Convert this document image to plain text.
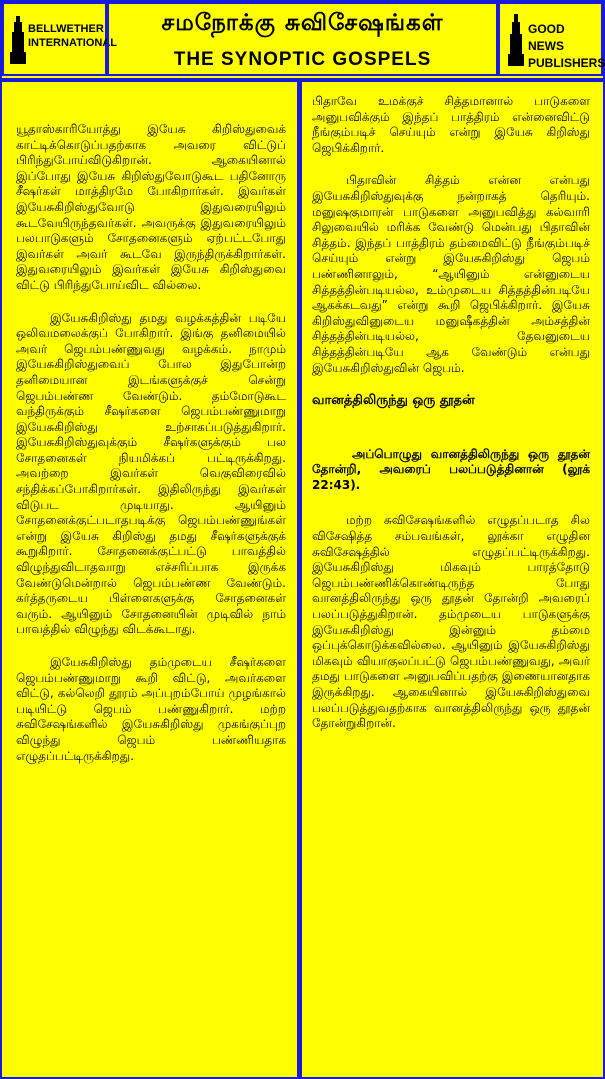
BELLWETHER INTERNATIONAL
சமநோக்கு சுவிசேஷங்கள்
THE SYNOPTIC GOSPELS
GOOD NEWS PUBLISHERS

யூதாஸ்காரியோத்து இயேசு கிறிஸ்துவைக் காட்டிக்கொடுப்பதற்காக அவரை விட்டுப் பிரிந்துபோய்விடுகிறான். ஆகையினால் இப்போது இயேசு கிறிஸ்துவோடுகூட பதினோரு சீஷர்கள் மாத்திரமே போகிறார்கள். இவர்கள் இயேசுகிறிஸ்துவோடு இதுவரையிலும் கூடவேயிருந்தவர்கள். அவருக்கு இதுவரையிலும் பலபாடுகளும் சோதனைகளும் ஏற்பட்டபோது இவர்கள் அவர் கூடவே இருந்திருக்கிறார்கள். இதுவரையிலும் இவர்கள் இயேசு கிறிஸ்துவை விட்டு பிரிந்துபோய்விட வில்லை.

இயேசுகிறிஸ்து தமது வழக்கத்தின் படியே ஒலிவமலைக்குப் போகிறார். இங்கு தனிமையில் அவர் ஜெபம்பண்ணுவது வழக்கம். நாமும் இயேசுகிறிஸ்துவைப் போல இதுபோன்ற தனிமையான இடங்களுக்குச் சென்று ஜெபம்பண்ண வேண்டும். தம்மோடுகூட வந்திருக்கும் சீஷர்களை ஜெபம்பண்ணுமாறு இயேசுகிறிஸ்து உற்சாகப்படுத்துகிறார். இயேசுகிறிஸ்துவுக்கும் சீஷர்களுக்கும் பல சோதனைகள் நியமிக்கப் பட்டிருக்கிறது. அவற்றை இவர்கள் வெகுவிரைவில் சந்திக்கப்போகிறார்கள். இதிலிருந்து இவர்கள் விடுபட முடியாது. ஆயினும் சோதனைக்குட்படாதபடிக்கு ஜெபம்பண்ணுங்கள் என்று இயேசு கிறிஸ்து தமது சீஷர்களுக்குக் கூறுகிறார். சோதனைக்குட்பட்டு பாவத்தில் விழுந்துவிடாதவாறு எச்சரிப்பாக இருக்க வேண்டுமென்றால் ஜெபம்பண்ண வேண்டும். கர்த்தருடைய பிள்ளைகளுக்கு சோதனைகள் வரும். ஆயினும் சோதனையின் முடிவில் நாம் பாவத்தில் விழுந்து விடக்கூடாது.

இயேசுகிறிஸ்து தம்முடைய சீஷர்களை ஜெபம்பண்ணுமாறு கூறி விட்டு, அவர்களை விட்டு, கல்லெறி தூரம் அப்புறம்போய் முழங்கால் படியிட்டு ஜெபம் பண்ணுகிறார். மற்ற சுவிசேஷங்களில் இயேசுகிறிஸ்து முகங்குப்புற விழுந்து ஜெபம் பண்ணியதாக எழுதப்பட்டிருக்கிறது.

பிதாவே உமக்குச் சித்தமானால் பாடுகளை அனுபவிக்கும் இந்தப் பாத்திரம் என்னைவிட்டு நீங்கும்படிச் செய்யும் என்று இயேசு கிறிஸ்து ஜெபிக்கிறார்.

பிதாவின் சித்தம் என்ன என்பது இயேசுகிறிஸ்துவுக்கு நன்றாகத் தெரியும். மனுஷகுமாரன் பாடுகளை அனுபவித்து கல்வாரி சிலுவையில் மரிக்க வேண்டு மென்பது பிதாவின் சித்தம். இந்தப் பாத்திரம் தம்மைவிட்டு நீங்கும்படிச் செய்யும் என்று இயேசுகிறிஸ்து ஜெபம் பண்ணினாலும், “ஆயினும் என்னுடைய சித்தத்தின்படியல்ல, உம்முடைய சித்தத்தின்படியே ஆகக்கடவது” என்று கூறி ஜெபிக்கிறார். இயேசு கிறிஸ்துவினுடைய மனுஷீகத்தின் அம்சத்தின் சித்தத்தின்படியல்ல, தேவனுடைய சித்தத்தின்படியே ஆக வேண்டும் என்பது இயேசுகிறிஸ்துவின் ஜெபம்.

வானத்திலிருந்து ஒரு தூதன்

அப்பொழுது வானத்திலிருந்து ஒரு தூதன் தோன்றி, அவரைப் பலப்படுத்தினான் (லூக் 22:43).

மற்ற சுவிசேஷங்களில் எழுதப்படாத சில விசேஷித்த சம்பவங்கள், லூக்கா எழுதின சுவிசேஷத்தில் எழுதப்பட்டிருக்கிறது. இயேசுகிறிஸ்து மிகவும் பாரத்தோடு ஜெபம்பண்ணிக்கொண்டிருந்த போது வானத்திலிருந்து ஒரு தூதன் தோன்றி அவரைப் பலப்படுத்துகிறான். தம்முடைய பாடுகளுக்கு இயேசுகிறிஸ்து இன்னும் தம்மை ஒப்புக்கொடுக்கவில்லை. ஆயினும் இயேசுகிறிஸ்து மிகவும் வியாகுலப்பட்டு ஜெபம்பண்ணுவது, அவர் தமது பாடுகளை அனுபவிப்பதற்கு இணையானதாக இருக்கிறது. ஆகையினால் இயேசுகிறிஸ்துவை பலப்படுத்துவதற்காக வானத்திலிருந்து ஒரு தூதன் தோன்றுகிறான்.
